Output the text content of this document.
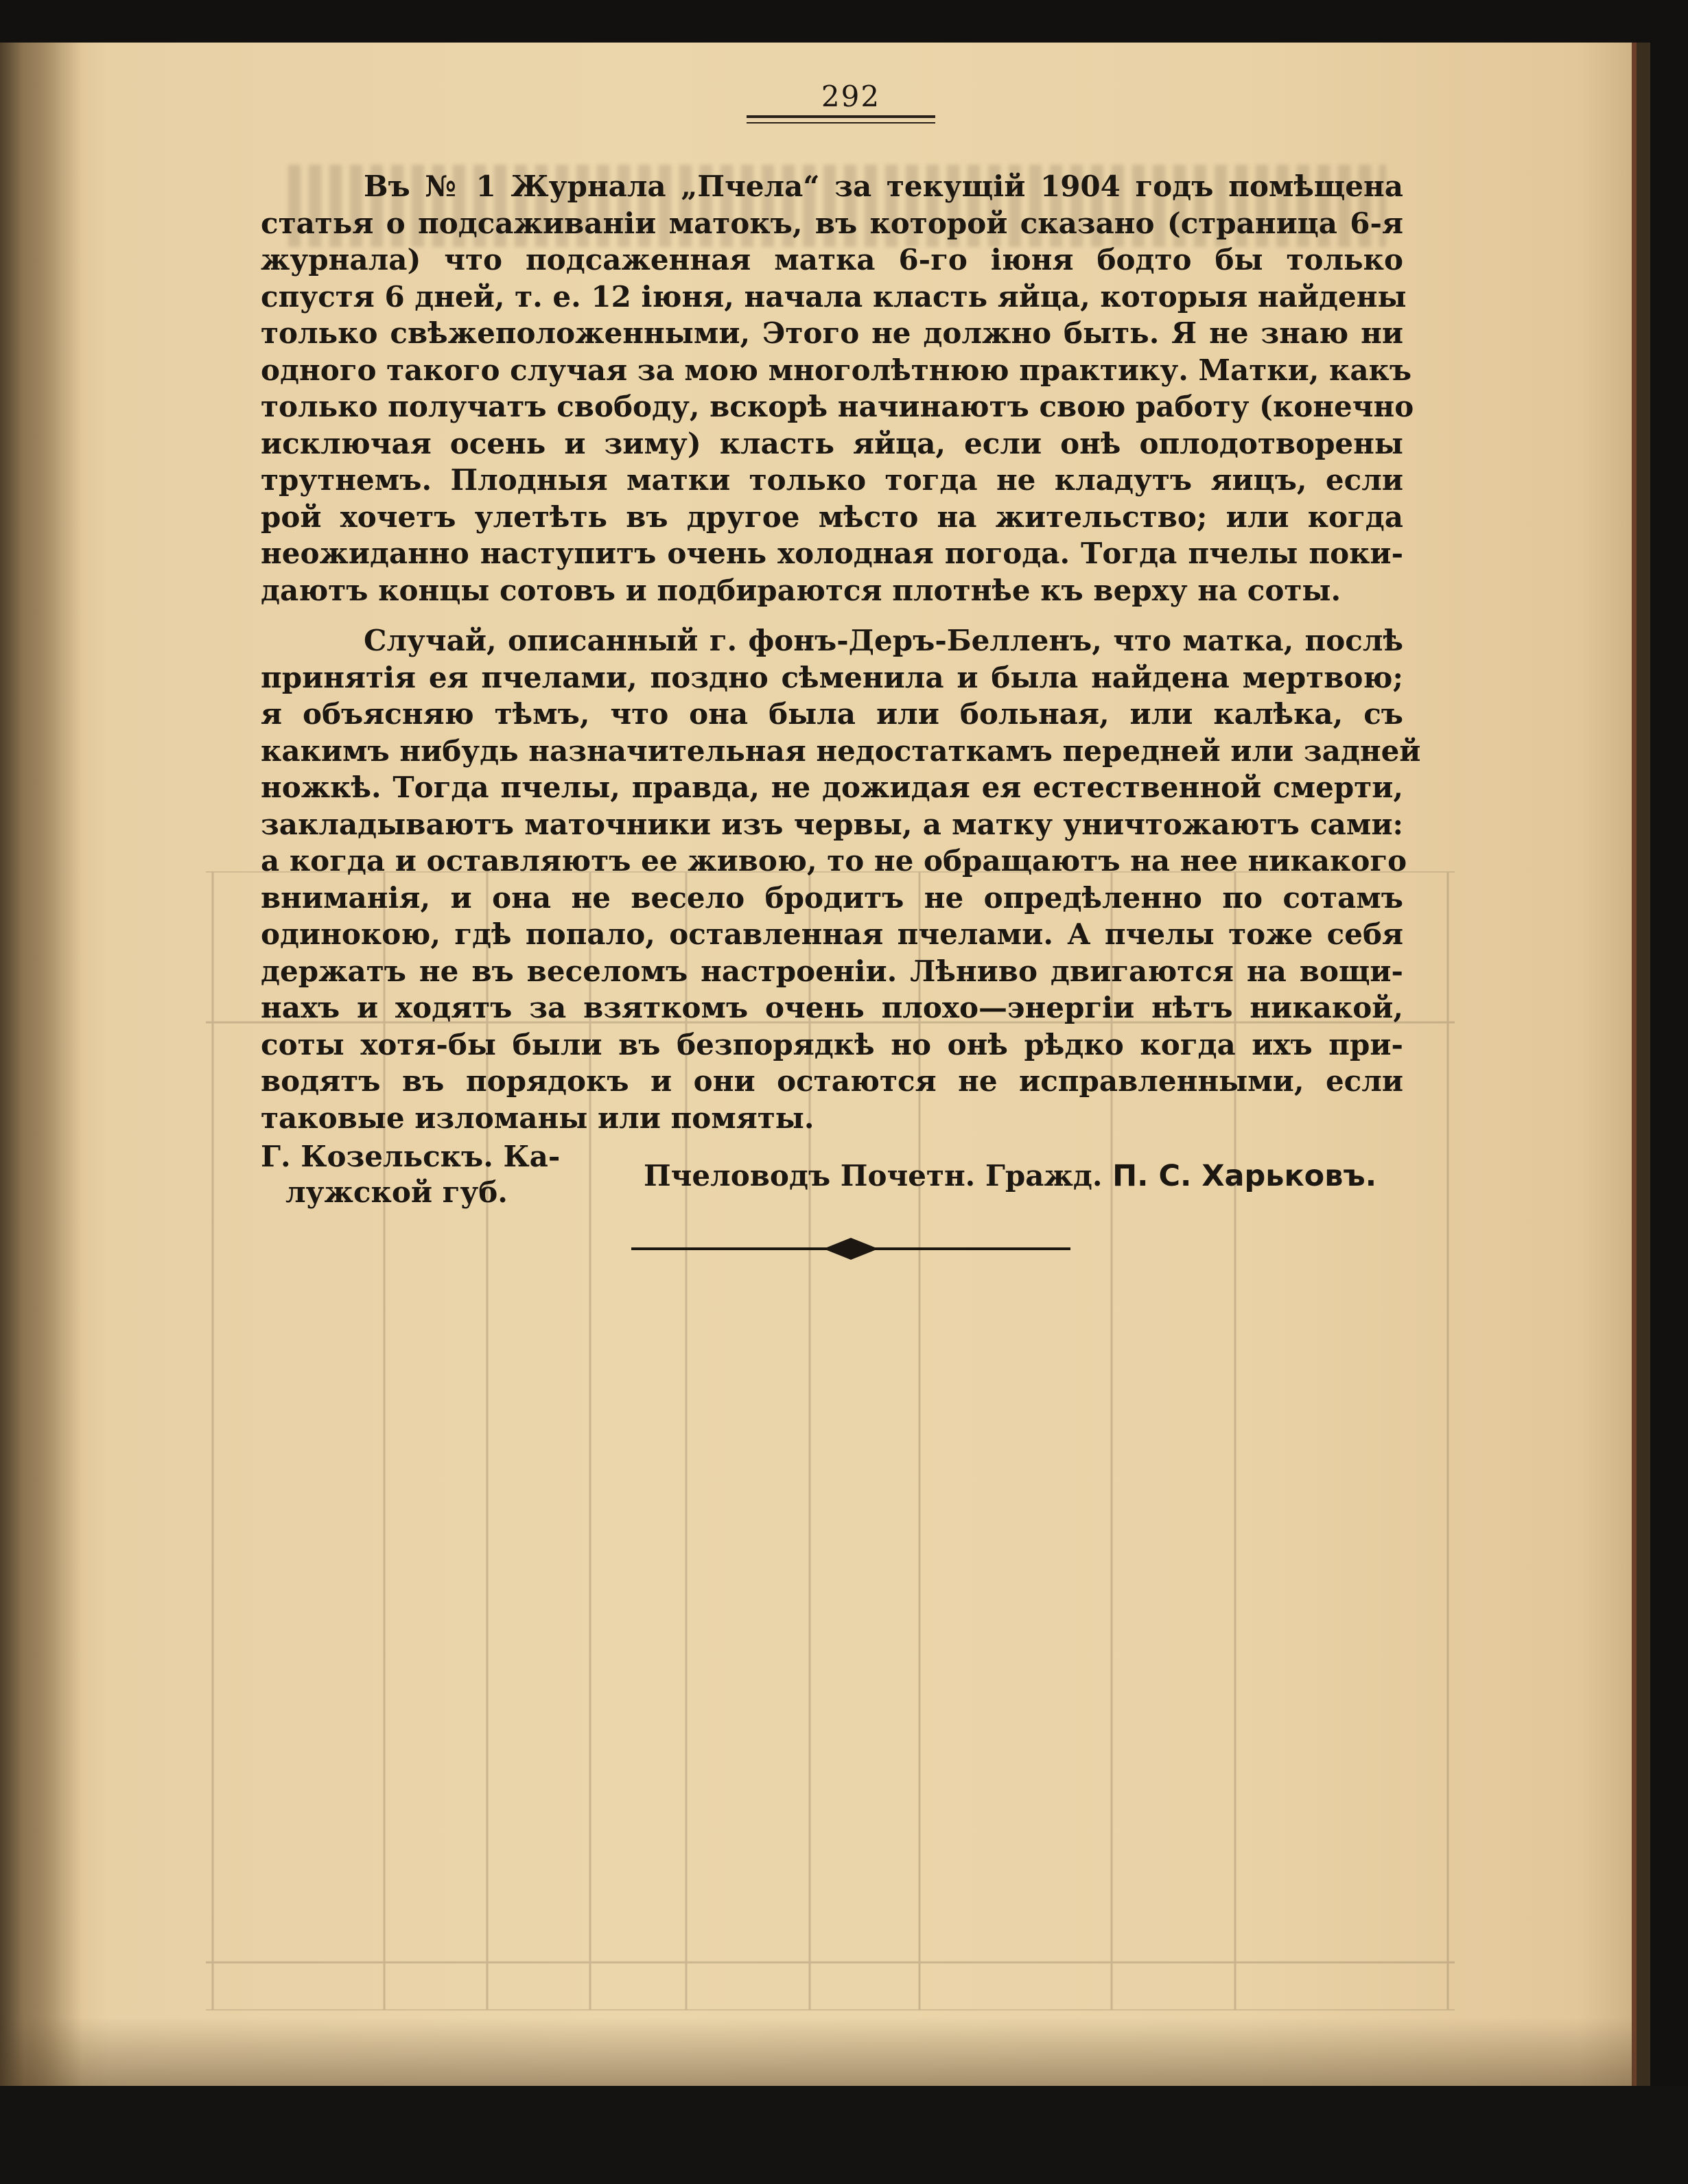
292
Въ № 1 Журнала „Пчела“ за текущій 1904 годъ помѣщена
статья о подсаживаніи матокъ, въ которой сказано (страница 6-я
журнала) что подсаженная матка 6-го іюня бодто бы только
спустя 6 дней, т. е. 12 іюня, начала класть яйца, которыя найдены
только свѣжеположенными, Этого не должно быть. Я не знаю ни
одного такого случая за мою многолѣтнюю практику. Матки, какъ
только получатъ свободу, вскорѣ начинаютъ свою работу (конечно
исключая осень и зиму) класть яйца, если онѣ оплодотворены
трутнемъ. Плодныя матки только тогда не кладутъ яицъ, если
рой хочетъ улетѣть въ другое мѣсто на жительство; или когда
неожиданно наступитъ очень холодная погода. Тогда пчелы поки-
даютъ концы сотовъ и подбираются плотнѣе къ верху на соты.
Случай, описанный г. фонъ-Деръ-Белленъ, что матка, послѣ
принятія ея пчелами, поздно сѣменила и была найдена мертвою;
я объясняю тѣмъ, что она была или больная, или калѣка, съ
какимъ нибудь назначительная недостаткамъ передней или задней
ножкѣ. Тогда пчелы, правда, не дожидая ея естественной смерти,
закладываютъ маточники изъ червы, а матку уничтожаютъ сами:
а когда и оставляютъ ее живою, то не обращаютъ на нее никакого
вниманія, и она не весело бродитъ не опредѣленно по сотамъ
одинокою, гдѣ попало, оставленная пчелами. А пчелы тоже себя
держатъ не въ веселомъ настроеніи. Лѣниво двигаются на вощи-
нахъ и ходятъ за взяткомъ очень плохо—энергіи нѣтъ никакой,
соты хотя-бы были въ безпорядкѣ но онѣ рѣдко когда ихъ при-
водятъ въ порядокъ и они остаются не исправленными, если
таковые изломаны или помяты.
Г. Козельскъ. Ка-
лужской губ.	Пчеловодъ Почетн. Гражд. П. С. Харьковъ.
